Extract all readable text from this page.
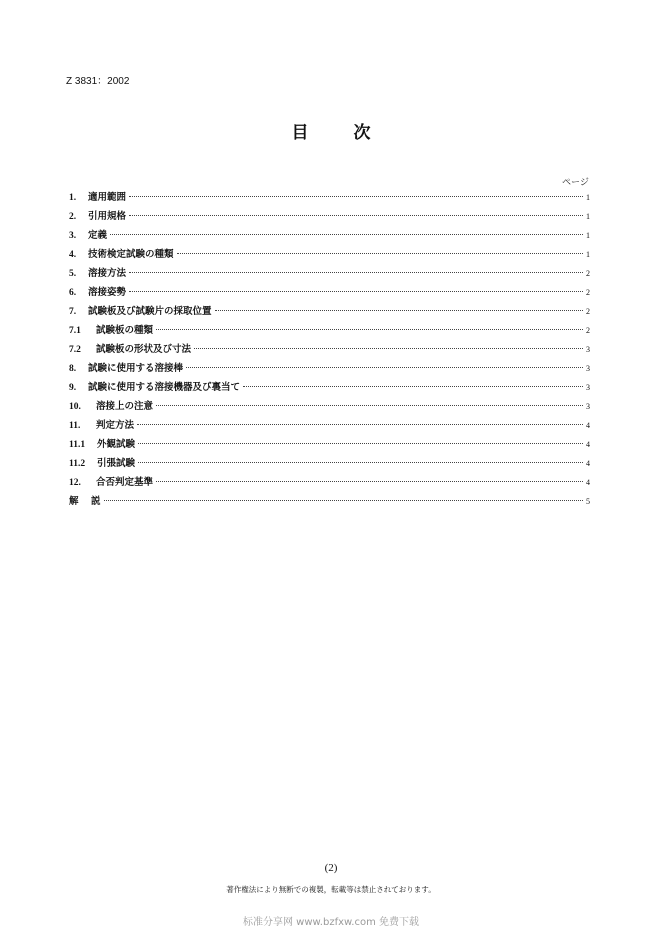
Z 3831：2002
目　次
ページ
1.	適用範囲	1
2.	引用規格	1
3.	定義	1
4.	技術検定試験の種類	1
5.	溶接方法	2
6.	溶接姿勢	2
7.	試験板及び試験片の採取位置	2
7.1	試験板の種類	2
7.2	試験板の形状及び寸法	3
8.	試験に使用する溶接棒	3
9.	試験に使用する溶接機器及び裏当て	3
10.	溶接上の注意	3
11.	判定方法	4
11.1	外観試験	4
11.2	引張試験	4
12.	合否判定基準	4
解	説	5
(2)
著作権法により無断での複製，転載等は禁止されております。
标准分享网 www.bzfxw.com 免费下载
